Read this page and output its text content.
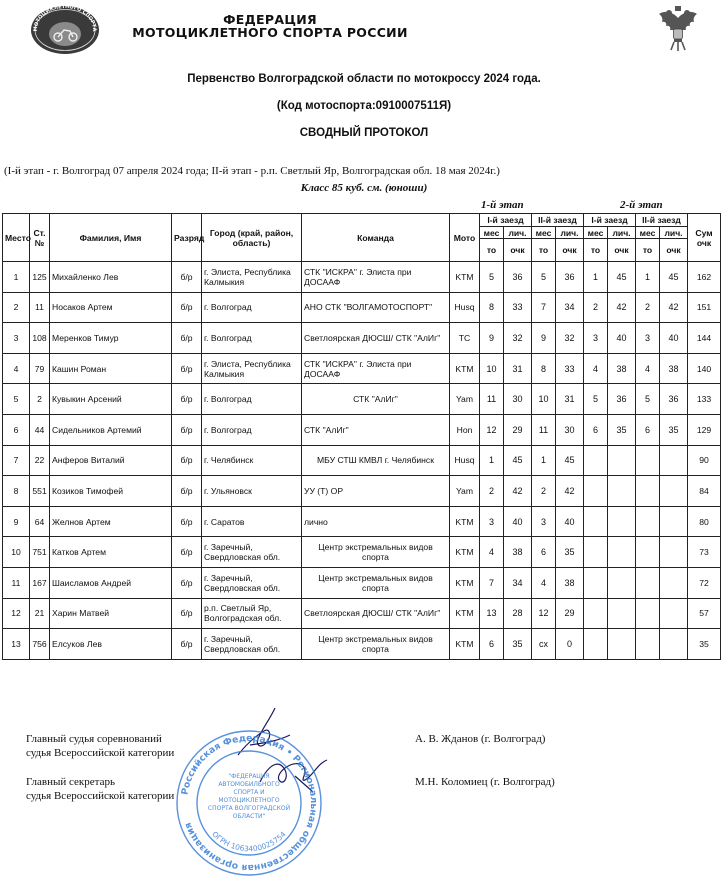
МОТОЦИКЛЕТНОГО СПОРТА
ФЕДЕРАЦИЯ
МОТОЦИКЛЕТНОГО СПОРТА РОССИИ
Первенство Волгоградской области по мотокроссу 2024 года.
(Код мотоспорта:0910007511Я)
СВОДНЫЙ ПРОТОКОЛ
(I-й этап - г. Волгоград 07 апреля 2024 года; II-й этап - р.п. Светлый Яр, Волгоградская обл. 18 мая 2024г.)
Класс 85 куб. см. (юноши)
1-й этап	2-й этап
Место	Ст. №	Фамилия, Имя	Разряд	Город (край, район, область)	Команда	Мото	I-й заезд		II-й заезд		I-й заезд		II-й заезд		Сум очк
							мес	лич.	мес	лич.	мес	лич.	мес	лич.	
							то	очк	то	очк	то	очк	то	очк	
1	125	Михайленко Лев	б/р	г. Элиста, Республика Калмыкия	СТК "ИСКРА" г. Элиста при ДОСААФ	KTM	5	36	5	36	1	45	1	45	162
2	11	Носаков Артем	б/р	г. Волгоград	АНО СТК "ВОЛГАМОТОСПОРТ"	Husq	8	33	7	34	2	42	2	42	151
3	108	Меренков Тимур	б/р	г. Волгоград	Светлоярская ДЮСШ/ СТК "АлИг"	TC	9	32	9	32	3	40	3	40	144
4	79	Кашин Роман	б/р	г. Элиста, Республика Калмыкия	СТК "ИСКРА" г. Элиста при ДОСААФ	KTM	10	31	8	33	4	38	4	38	140
5	2	Кувыкин Арсений	б/р	г. Волгоград	СТК "АлИг"	Yam	11	30	10	31	5	36	5	36	133
6	44	Сидельников Артемий	б/р	г. Волгоград	СТК "АлИг"	Hon	12	29	11	30	6	35	6	35	129
7	22	Анферов Виталий	б/р	г. Челябинск	МБУ СТШ КМВЛ г. Челябинск	Husq	1	45	1	45					90
8	551	Козиков Тимофей	б/р	г. Ульяновск	УУ (Т) ОР	Yam	2	42	2	42					84
9	64	Желнов Артем	б/р	г. Саратов	лично	KTM	3	40	3	40					80
10	751	Катков Артем	б/р	г. Заречный, Свердловская обл.	Центр экстремальных видов спорта	KTM	4	38	6	35					73
11	167	Шаисламов Андрей	б/р	г. Заречный, Свердловская обл.	Центр экстремальных видов спорта	KTM	7	34	4	38					72
12	21	Харин Матвей	б/р	р.п. Светлый Яр, Волгоградская обл.	Светлоярская ДЮСШ/ СТК "АлИг"	KTM	13	28	12	29					57
13	756	Елсуков Лев	б/р	г. Заречный, Свердловская обл.	Центр экстремальных видов спорта	KTM	6	35	сх	0					35
Главный судья соревнований
судья Всероссийской категории
А. В. Жданов (г. Волгоград)
Главный секретарь
судья Всероссийской категории
М.Н. Коломиец (г. Волгоград)
Российская Федерация • Региональная общественная организация
ОГРН 1063400025754
"ФЕДЕРАЦИЯ АВТОМОБИЛЬНОГО СПОРТА И МОТОЦИКЛЕТНОГО СПОРТА ВОЛГОГРАДСКОЙ ОБЛАСТИ"
